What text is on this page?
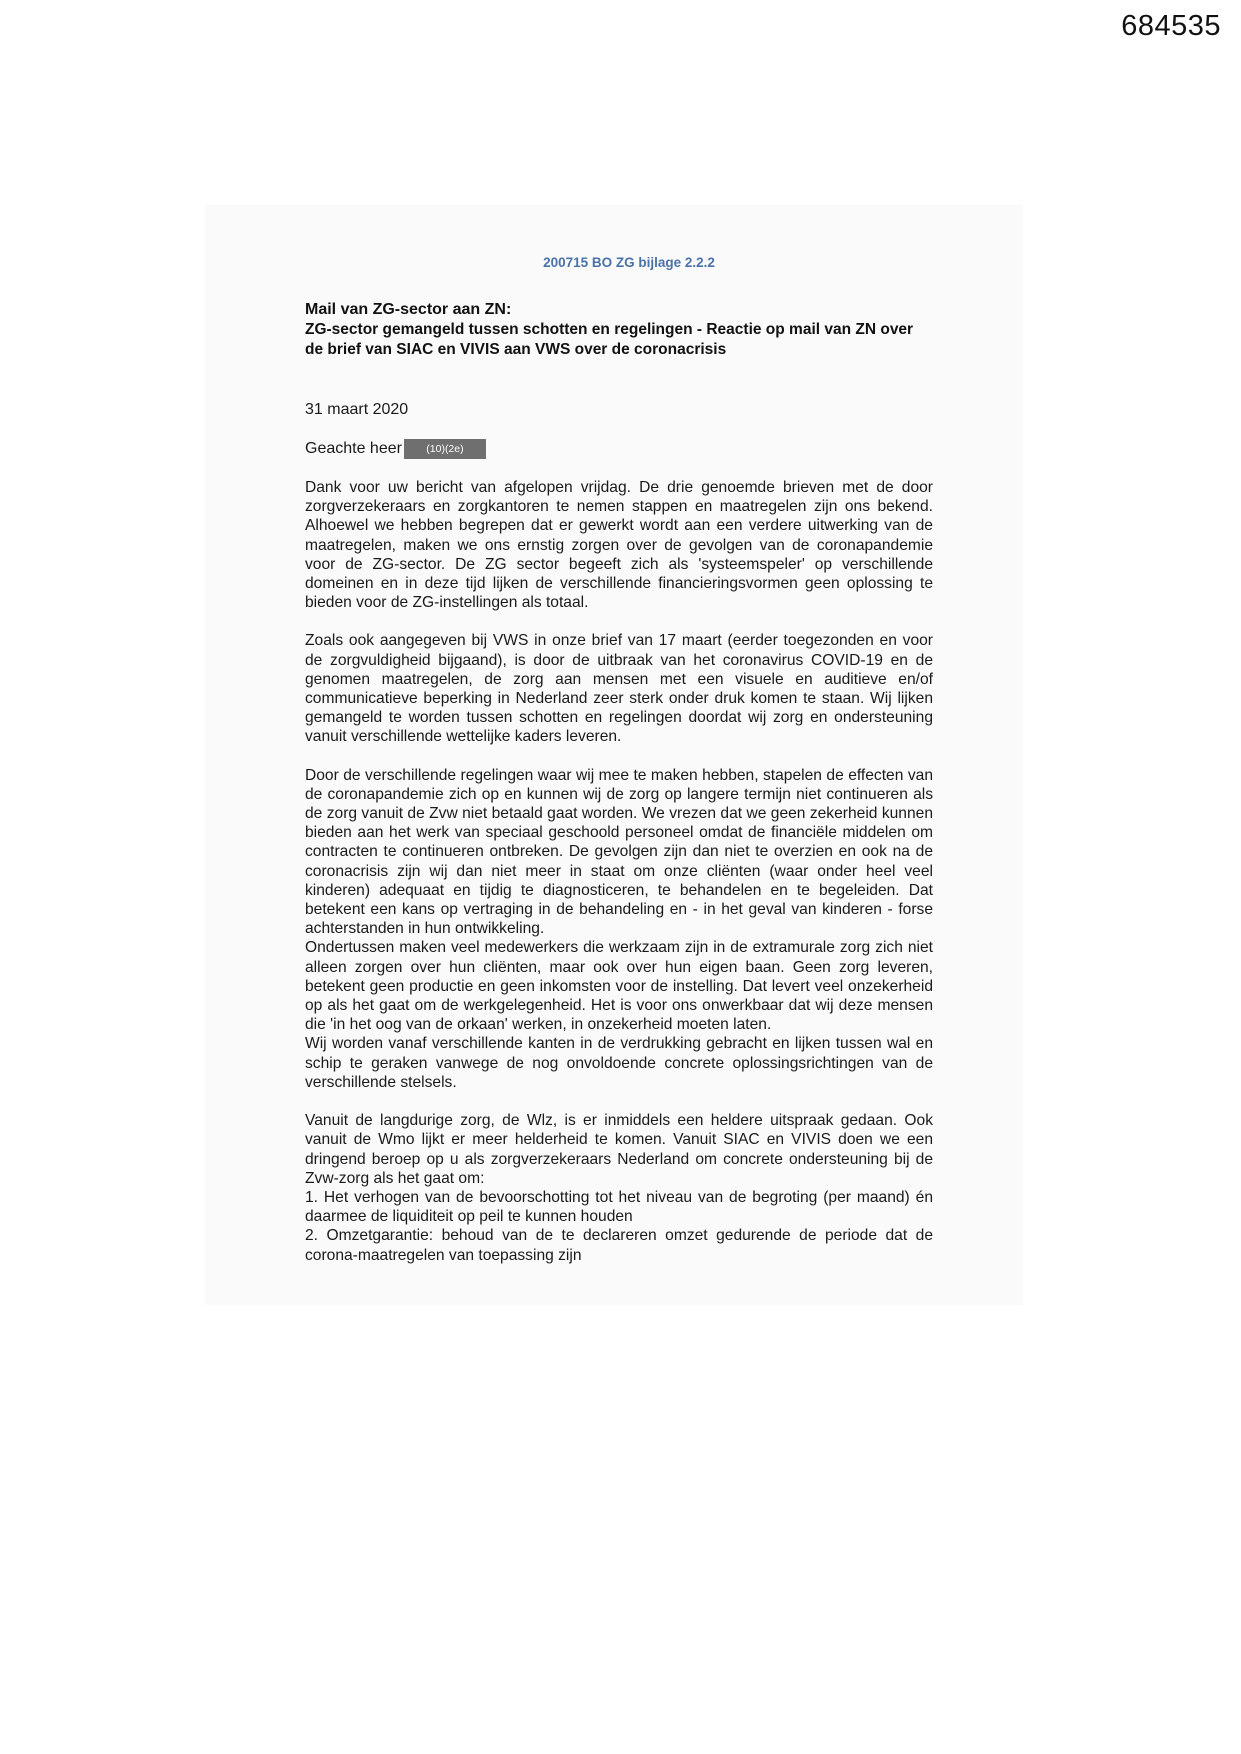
684535
200715 BO ZG bijlage 2.2.2
Mail van ZG-sector aan ZN:
ZG-sector gemangeld tussen schotten en regelingen - Reactie op mail van ZN over de brief van SIAC en VIVIS aan VWS over de coronacrisis
31 maart 2020
Geachte heer	(10)(2e)

Dank voor uw bericht van afgelopen vrijdag. De drie genoemde brieven met de door zorgverzekeraars en zorgkantoren te nemen stappen en maatregelen zijn ons bekend. Alhoewel we hebben begrepen dat er gewerkt wordt aan een verdere uitwerking van de maatregelen, maken we ons ernstig zorgen over de gevolgen van de coronapandemie voor de ZG-sector. De ZG sector begeeft zich als 'systeemspeler' op verschillende domeinen en in deze tijd lijken de verschillende financieringsvormen geen oplossing te bieden voor de ZG-instellingen als totaal.

Zoals ook aangegeven bij VWS in onze brief van 17 maart (eerder toegezonden en voor de zorgvuldigheid bijgaand), is door de uitbraak van het coronavirus COVID-19 en de genomen maatregelen, de zorg aan mensen met een visuele en auditieve en/of communicatieve beperking in Nederland zeer sterk onder druk komen te staan. Wij lijken gemangeld te worden tussen schotten en regelingen doordat wij zorg en ondersteuning vanuit verschillende wettelijke kaders leveren.

Door de verschillende regelingen waar wij mee te maken hebben, stapelen de effecten van de coronapandemie zich op en kunnen wij de zorg op langere termijn niet continueren als de zorg vanuit de Zvw niet betaald gaat worden. We vrezen dat we geen zekerheid kunnen bieden aan het werk van speciaal geschoold personeel omdat de financiële middelen om contracten te continueren ontbreken. De gevolgen zijn dan niet te overzien en ook na de coronacrisis zijn wij dan niet meer in staat om onze cliënten (waar onder heel veel kinderen) adequaat en tijdig te diagnosticeren, te behandelen en te begeleiden. Dat betekent een kans op vertraging in de behandeling en - in het geval van kinderen - forse achterstanden in hun ontwikkeling.

Ondertussen maken veel medewerkers die werkzaam zijn in de extramurale zorg zich niet alleen zorgen over hun cliënten, maar ook over hun eigen baan. Geen zorg leveren, betekent geen productie en geen inkomsten voor de instelling. Dat levert veel onzekerheid op als het gaat om de werkgelegenheid. Het is voor ons onwerkbaar dat wij deze mensen die 'in het oog van de orkaan' werken, in onzekerheid moeten laten.

Wij worden vanaf verschillende kanten in de verdrukking gebracht en lijken tussen wal en schip te geraken vanwege de nog onvoldoende concrete oplossingsrichtingen van de verschillende stelsels.

Vanuit de langdurige zorg, de Wlz, is er inmiddels een heldere uitspraak gedaan. Ook vanuit de Wmo lijkt er meer helderheid te komen. Vanuit SIAC en VIVIS doen we een dringend beroep op u als zorgverzekeraars Nederland om concrete ondersteuning bij de Zvw-zorg als het gaat om:

1. Het verhogen van de bevoorschotting tot het niveau van de begroting (per maand) én daarmee de liquiditeit op peil te kunnen houden

2. Omzetgarantie: behoud van de te declareren omzet gedurende de periode dat de corona-maatregelen van toepassing zijn
